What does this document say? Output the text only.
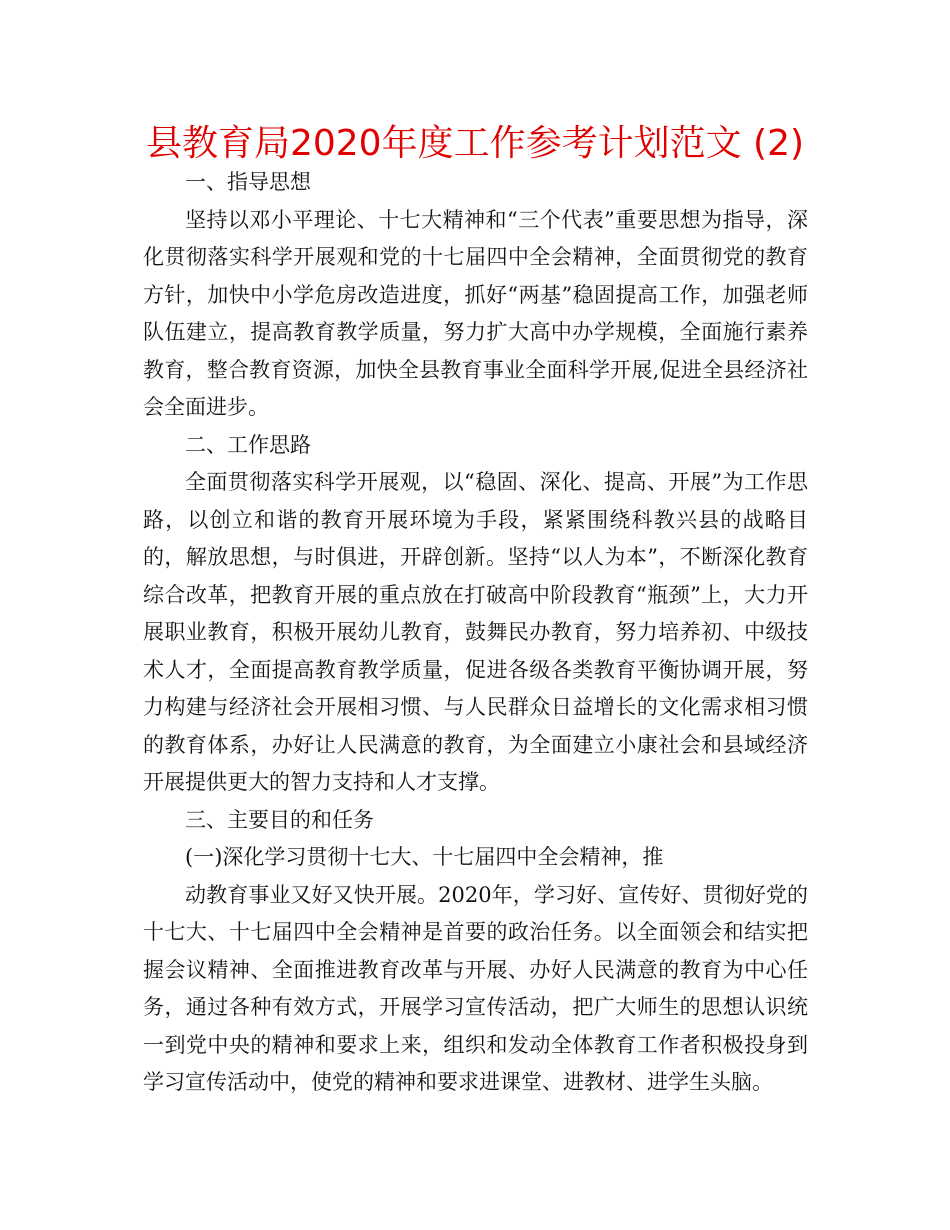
县教育局2020年度工作参考计划范文 (2)

一、指导思想

坚持以邓小平理论、十七大精神和“三个代表”重要思想为指导，深化贯彻落实科学开展观和党的十七届四中全会精神，全面贯彻党的教育方针，加快中小学危房改造进度，抓好“两基”稳固提高工作，加强老师队伍建立，提高教育教学质量，努力扩大高中办学规模，全面施行素养教育，整合教育资源，加快全县教育事业全面科学开展,促进全县经济社会全面进步。

二、工作思路

全面贯彻落实科学开展观，以“稳固、深化、提高、开展”为工作思路，以创立和谐的教育开展环境为手段，紧紧围绕科教兴县的战略目的，解放思想，与时俱进，开辟创新。坚持“以人为本”，不断深化教育综合改革，把教育开展的重点放在打破高中阶段教育“瓶颈”上，大力开展职业教育，积极开展幼儿教育，鼓舞民办教育，努力培养初、中级技术人才，全面提高教育教学质量，促进各级各类教育平衡协调开展，努力构建与经济社会开展相习惯、与人民群众日益增长的文化需求相习惯的教育体系，办好让人民满意的教育，为全面建立小康社会和县域经济开展提供更大的智力支持和人才支撑。

三、主要目的和任务

(一)深化学习贯彻十七大、十七届四中全会精神，推

动教育事业又好又快开展。2020年，学习好、宣传好、贯彻好党的十七大、十七届四中全会精神是首要的政治任务。以全面领会和结实把握会议精神、全面推进教育改革与开展、办好人民满意的教育为中心任务，通过各种有效方式，开展学习宣传活动，把广大师生的思想认识统一到党中央的精神和要求上来，组织和发动全体教育工作者积极投身到学习宣传活动中，使党的精神和要求进课堂、进教材、进学生头脑。
